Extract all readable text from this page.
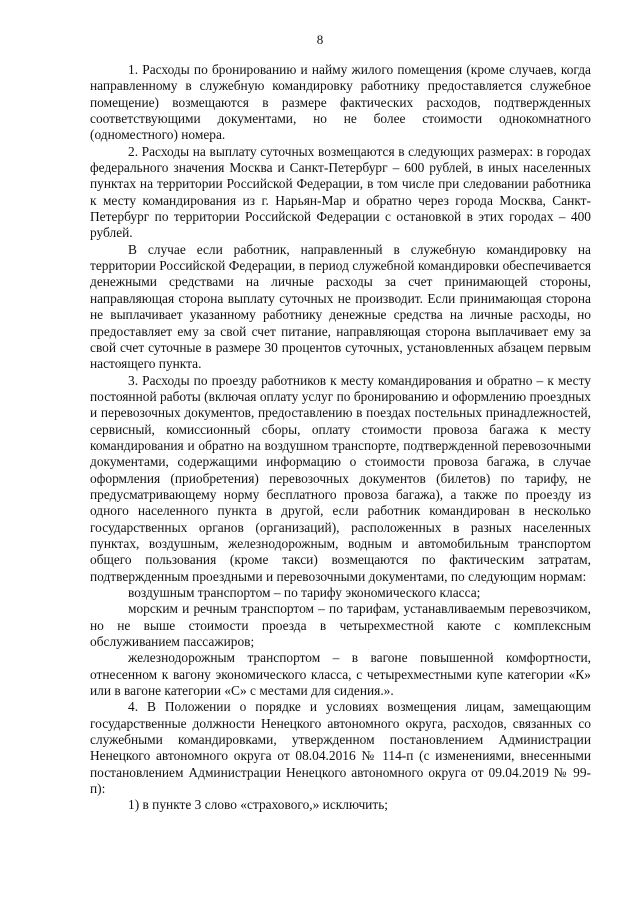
8

1. Расходы по бронированию и найму жилого помещения (кроме случаев, когда направленному в служебную командировку работнику предоставляется служебное помещение) возмещаются в размере фактических расходов, подтвержденных соответствующими документами, но не более стоимости однокомнатного (одноместного) номера.

2. Расходы на выплату суточных возмещаются в следующих размерах: в городах федерального значения Москва и Санкт-Петербург – 600 рублей, в иных населенных пунктах на территории Российской Федерации, в том числе при следовании работника к месту командирования из г. Нарьян-Мар и обратно через города Москва, Санкт-Петербург по территории Российской Федерации с остановкой в этих городах – 400 рублей.

В случае если работник, направленный в служебную командировку на территории Российской Федерации, в период служебной командировки обеспечивается денежными средствами на личные расходы за счет принимающей стороны, направляющая сторона выплату суточных не производит. Если принимающая сторона не выплачивает указанному работнику денежные средства на личные расходы, но предоставляет ему за свой счет питание, направляющая сторона выплачивает ему за свой счет суточные в размере 30 процентов суточных, установленных абзацем первым настоящего пункта.

3. Расходы по проезду работников к месту командирования и обратно – к месту постоянной работы (включая оплату услуг по бронированию и оформлению проездных и перевозочных документов, предоставлению в поездах постельных принадлежностей, сервисный, комиссионный сборы, оплату стоимости провоза багажа к месту командирования и обратно на воздушном транспорте, подтвержденной перевозочными документами, содержащими информацию о стоимости провоза багажа, в случае оформления (приобретения) перевозочных документов (билетов) по тарифу, не предусматривающему норму бесплатного провоза багажа), а также по проезду из одного населенного пункта в другой, если работник командирован в несколько государственных органов (организаций), расположенных в разных населенных пунктах, воздушным, железнодорожным, водным и автомобильным транспортом общего пользования (кроме такси) возмещаются по фактическим затратам, подтвержденным проездными и перевозочными документами, по следующим нормам:

воздушным транспортом – по тарифу экономического класса;

морским и речным транспортом – по тарифам, устанавливаемым перевозчиком, но не выше стоимости проезда в четырехместной каюте с комплексным обслуживанием пассажиров;

железнодорожным транспортом – в вагоне повышенной комфортности, отнесенном к вагону экономического класса, с четырехместными купе категории «К» или в вагоне категории «С» с местами для сидения.».

4. В Положении о порядке и условиях возмещения лицам, замещающим государственные должности Ненецкого автономного округа, расходов, связанных со служебными командировками, утвержденном постановлением Администрации Ненецкого автономного округа от 08.04.2016 № 114-п (с изменениями, внесенными постановлением Администрации Ненецкого автономного округа от 09.04.2019 № 99-п):

1) в пункте 3 слово «страхового,» исключить;
